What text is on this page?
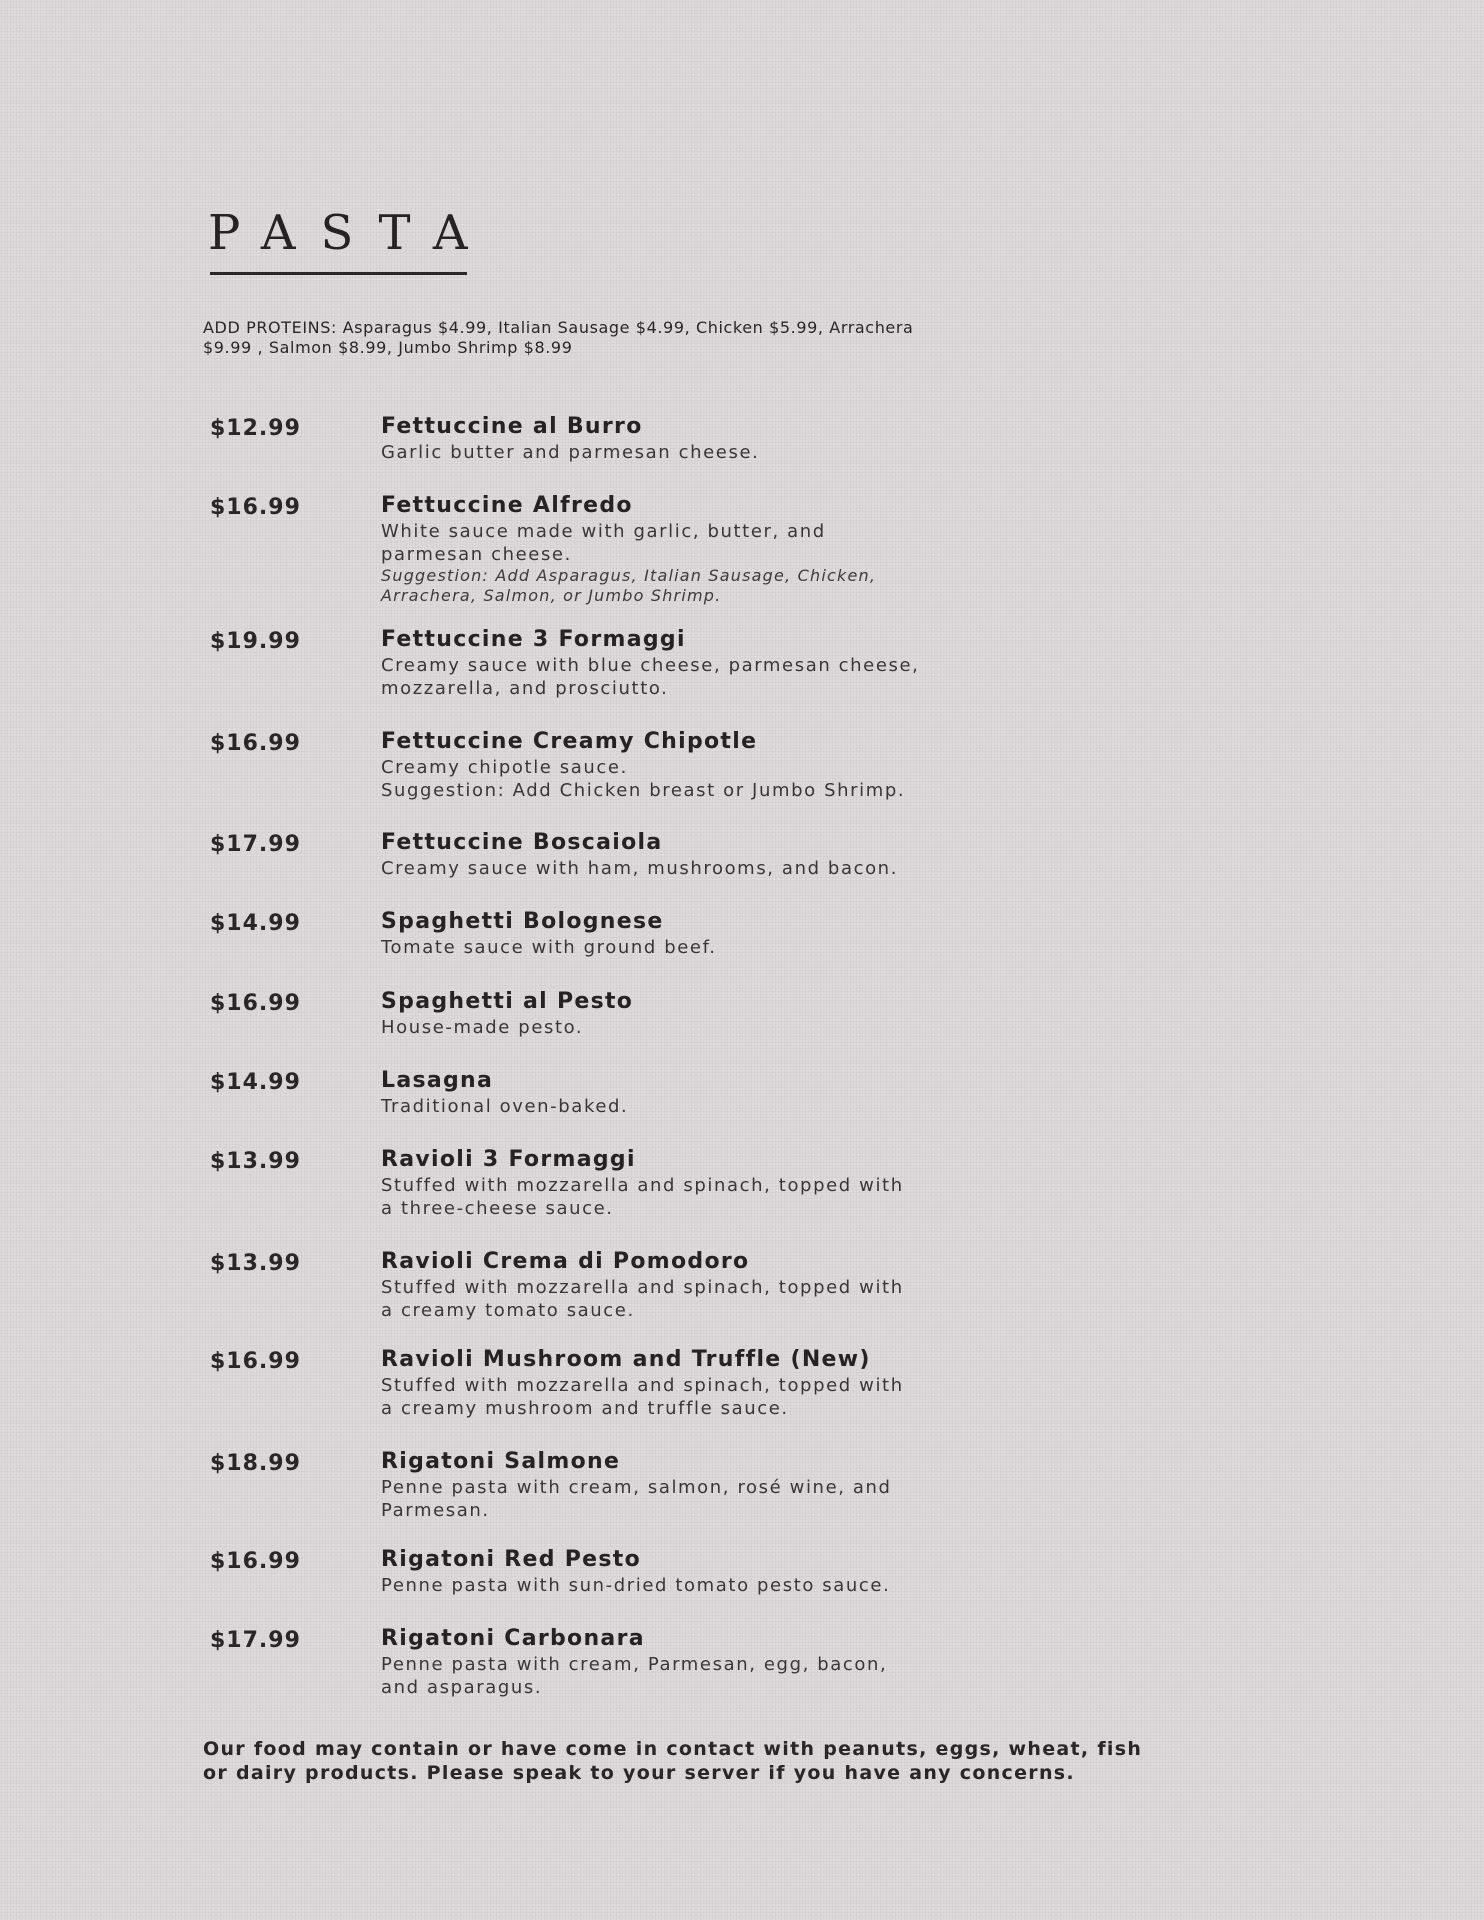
PASTA
ADD PROTEINS: Asparagus $4.99, Italian Sausage $4.99, Chicken $5.99, Arrachera
$9.99 , Salmon $8.99, Jumbo Shrimp $8.99
$12.99	Fettuccine al Burro
Garlic butter and parmesan cheese.
$16.99	Fettuccine Alfredo
White sauce made with garlic, butter, and
parmesan cheese.
Suggestion: Add Asparagus, Italian Sausage, Chicken,
Arrachera, Salmon, or Jumbo Shrimp.
$19.99	Fettuccine 3 Formaggi
Creamy sauce with blue cheese, parmesan cheese,
mozzarella, and prosciutto.
$16.99	Fettuccine Creamy Chipotle
Creamy chipotle sauce.
Suggestion: Add Chicken breast or Jumbo Shrimp.
$17.99	Fettuccine Boscaiola
Creamy sauce with ham, mushrooms, and bacon.
$14.99	Spaghetti Bolognese
Tomate sauce with ground beef.
$16.99	Spaghetti al Pesto
House-made pesto.
$14.99	Lasagna
Traditional oven-baked.
$13.99	Ravioli 3 Formaggi
Stuffed with mozzarella and spinach, topped with
a three-cheese sauce.
$13.99	Ravioli Crema di Pomodoro
Stuffed with mozzarella and spinach, topped with
a creamy tomato sauce.
$16.99	Ravioli Mushroom and Truffle (New)
Stuffed with mozzarella and spinach, topped with
a creamy mushroom and truffle sauce.
$18.99	Rigatoni Salmone
Penne pasta with cream, salmon, rosé wine, and
Parmesan.
$16.99	Rigatoni Red Pesto
Penne pasta with sun-dried tomato pesto sauce.
$17.99	Rigatoni Carbonara
Penne pasta with cream, Parmesan, egg, bacon,
and asparagus.
Our food may contain or have come in contact with peanuts, eggs, wheat, fish
or dairy products. Please speak to your server if you have any concerns.
